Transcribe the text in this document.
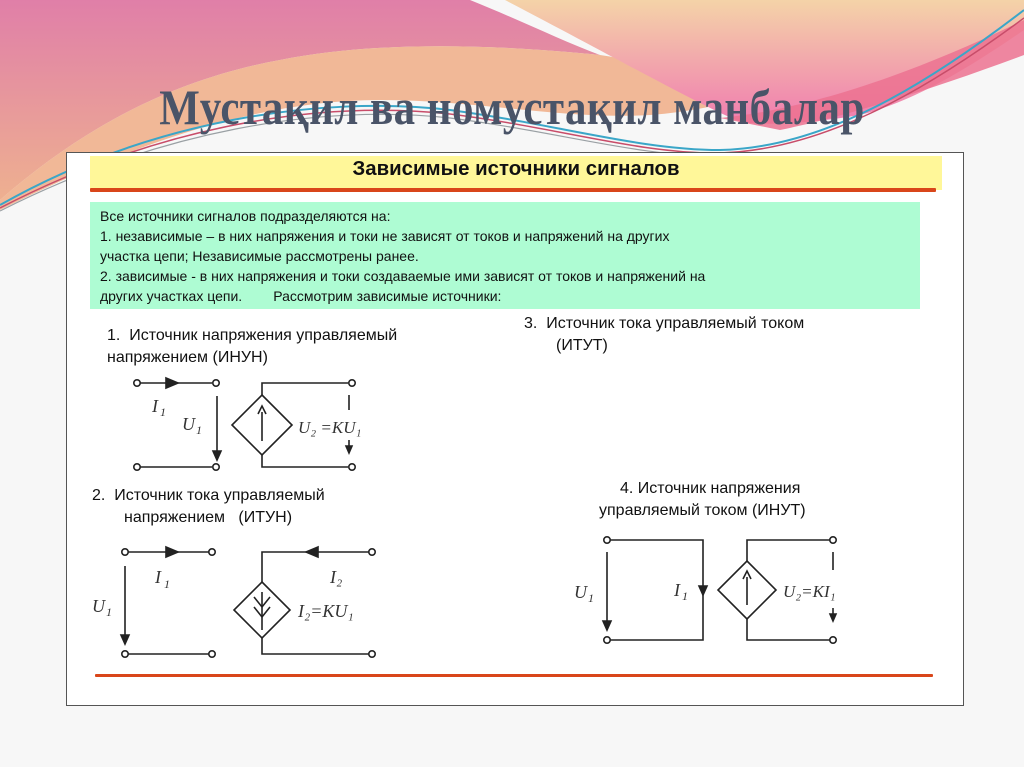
Мустақил ва номустақил манбалар
Зависимые источники сигналов
Все источники сигналов подразделяются на:
1. независимые – в них напряжения и токи не зависят от токов и напряжений на других
участка цепи; Независимые рассмотрены ранее.
2. зависимые - в них напряжения и токи создаваемые ими зависят от токов и напряжений на
других участках цепи.        Рассмотрим зависимые источники:
1.  Источник напряжения управляемый
напряжением (ИНУН)
2.  Источник тока управляемый
напряжением   (ИТУН)
3.  Источник тока управляемый током
(ИТУТ)
4. Источник напряжения
управляемый током (ИНУТ)
I 1
U 1	U₂ =KU₁
I 1
U 1
I₂
I₂=KU₁
U 1	I 1	U₂=KI₁
